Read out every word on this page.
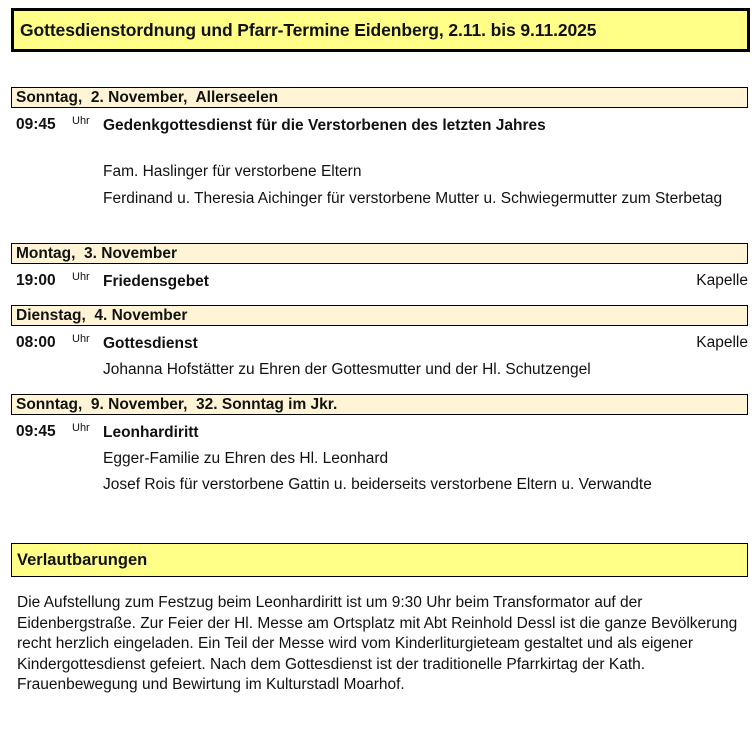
Gottesdienstordnung und Pfarr-Termine Eidenberg, 2.11. bis 9.11.2025
Sonntag,  2. November,  Allerseelen
09:45 Uhr Gedenkgottesdienst für die Verstorbenen des letzten Jahres
Fam. Haslinger für verstorbene Eltern
Ferdinand u. Theresia Aichinger für verstorbene Mutter u. Schwiegermutter zum Sterbetag
Montag,  3. November
19:00 Uhr Friedensgebet	Kapelle
Dienstag,  4. November
08:00 Uhr Gottesdienst	Kapelle
Johanna Hofstätter zu Ehren der Gottesmutter und der Hl. Schutzengel
Sonntag,  9. November,  32. Sonntag im Jkr.
09:45 Uhr Leonhardiritt
Egger-Familie zu Ehren des Hl. Leonhard
Josef Rois für verstorbene Gattin u. beiderseits verstorbene Eltern u. Verwandte
Verlautbarungen
Die Aufstellung zum Festzug beim Leonhardiritt ist um 9:30 Uhr beim Transformator auf der Eidenbergstraße. Zur Feier der Hl. Messe am Ortsplatz mit Abt Reinhold Dessl ist die ganze Bevölkerung recht herzlich eingeladen. Ein Teil der Messe wird vom Kinderliturgieteam gestaltet und als eigener Kindergottesdienst gefeiert. Nach dem Gottesdienst ist der traditionelle Pfarrkirtag der Kath. Frauenbewegung und Bewirtung im Kulturstadl Moarhof.
